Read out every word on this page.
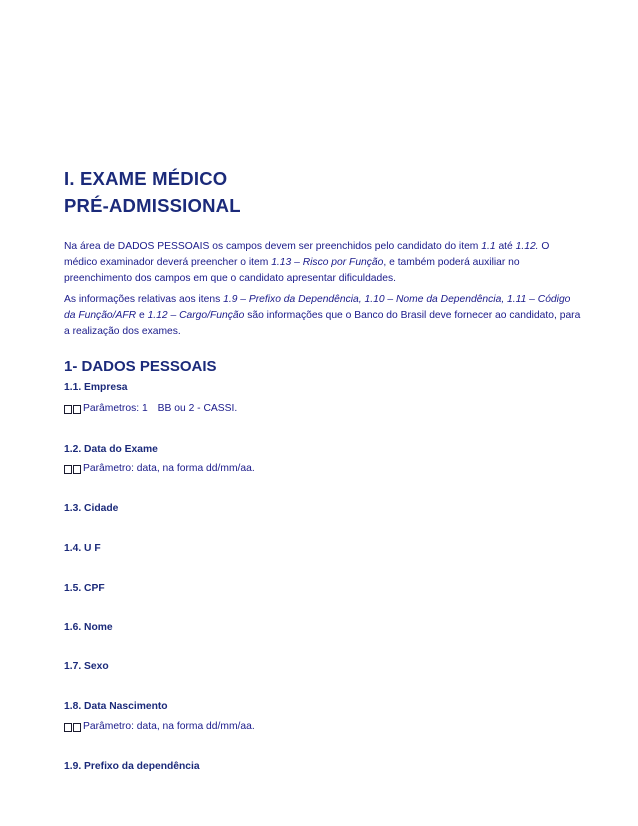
I. EXAME MÉDICO
PRÉ-ADMISSIONAL

Na área de DADOS PESSOAIS os campos devem ser preenchidos pelo candidato do item 1.1 até 1.12. O médico examinador deverá preencher o item 1.13 – Risco por Função, e também poderá auxiliar no preenchimento dos campos em que o candidato apresentar dificuldades.

As informações relativas aos itens 1.9 – Prefixo da Dependência, 1.10 – Nome da Dependência, 1.11 – Código da Função/AFR e 1.12 – Cargo/Função são informações que o Banco do Brasil deve fornecer ao candidato, para a realização dos exames.

1- DADOS PESSOAIS

1.1. Empresa

Parâmetros: 1 BB ou 2 - CASSI.

1.2. Data do Exame

Parâmetro: data, na forma dd/mm/aa.

1.3. Cidade

1.4. U F

1.5. CPF

1.6. Nome

1.7. Sexo

1.8. Data Nascimento

Parâmetro: data, na forma dd/mm/aa.

1.9. Prefixo da dependência
